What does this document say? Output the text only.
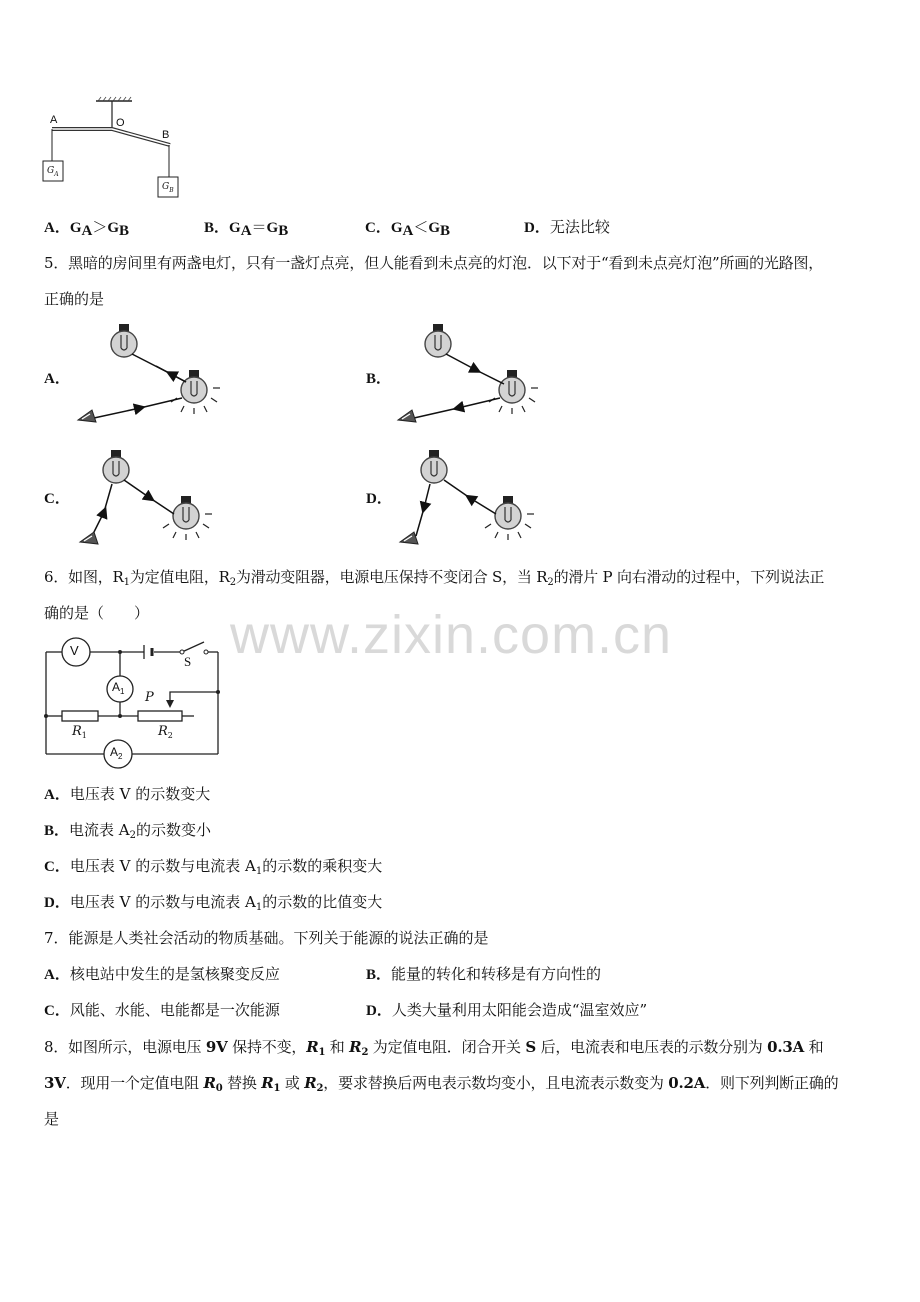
A	O
B
$G_A$
$G_B$
A．$G_A>G_B$	B．$G_A=G_B$	C．$G_A<G_B$	D．无法比较
5．黑暗的房间里有两盏电灯，只有一盏灯点亮，但人能看到未点亮的灯泡．以下对于“看到未点亮灯泡”所画的光路图，
正确的是
A．	B．
C．	D．
6．如图，$R_1$为定值电阻，$R_2$为滑动变阻器，电源电压保持不变闭合 S，当 $R_2$的滑片 P 向右滑动的过程中，下列说法正
确的是（　　）
V
$A_1$
$A_2$
S
P
$R_1$	$R_2$
www.zixin.com.cn
A．电压表 V 的示数变大
B．电流表 $A_2$的示数变小
C．电压表 V 的示数与电流表 $A_1$的示数的乘积变大
D．电压表 V 的示数与电流表 $A_1$的示数的比值变大
7．能源是人类社会活动的物质基础。下列关于能源的说法正确的是
A．核电站中发生的是氢核聚变反应	B．能量的转化和转移是有方向性的
C．风能、水能、电能都是一次能源	D．人类大量利用太阳能会造成“温室效应”
8．如图所示，电源电压 9V 保持不变，$R_1$ 和 $R_2$ 为定值电阻．闭合开关 S 后，电流表和电压表的示数分别为 0.3A 和
3V．现用一个定值电阻 $R_0$ 替换 $R_1$ 或 $R_2$，要求替换后两电表示数均变小，且电流表示数变为 0.2A．则下列判断正确的
是
